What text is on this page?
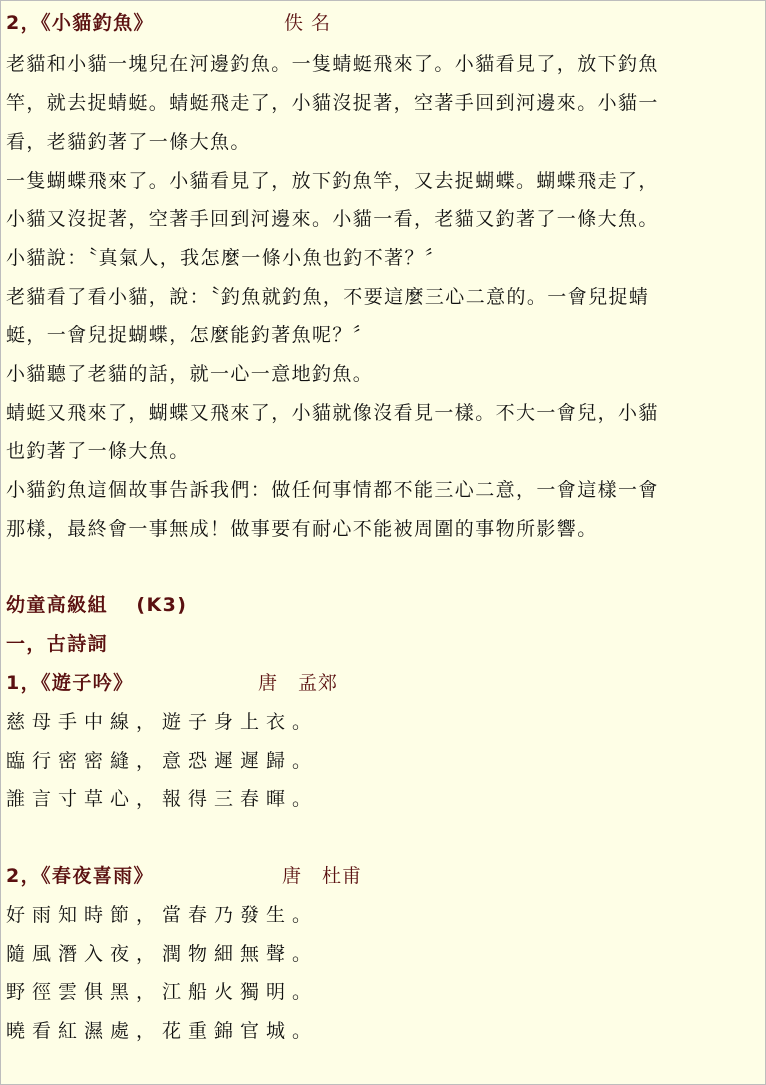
2，《小貓釣魚》	佚 名
老貓和小貓一塊兒在河邊釣魚。一隻蜻蜓飛來了。小貓看見了，放下釣魚
竿，就去捉蜻蜓。蜻蜓飛走了，小貓沒捉著，空著手回到河邊來。小貓一
看，老貓釣著了一條大魚。
一隻蝴蝶飛來了。小貓看見了，放下釣魚竿，又去捉蝴蝶。蝴蝶飛走了，
小貓又沒捉著，空著手回到河邊來。小貓一看，老貓又釣著了一條大魚。
小貓說：〝真氣人，我怎麼一條小魚也釣不著？〞
老貓看了看小貓，說：〝釣魚就釣魚，不要這麼三心二意的。一會兒捉蜻
蜓，一會兒捉蝴蝶，怎麼能釣著魚呢？〞
小貓聽了老貓的話，就一心一意地釣魚。
蜻蜓又飛來了，蝴蝶又飛來了，小貓就像沒看見一樣。不大一會兒，小貓
也釣著了一條大魚。
小貓釣魚這個故事告訴我們：做任何事情都不能三心二意，一會這樣一會
那樣，最終會一事無成！做事要有耐心不能被周圍的事物所影響。
幼童高級組　 (K3)
一，古詩詞
1，《遊子吟》	唐　孟郊
慈母手中線，遊子身上衣。
臨行密密縫，意恐遲遲歸。
誰言寸草心，報得三春暉。
2，《春夜喜雨》	唐　杜甫
好雨知時節，當春乃發生。
隨風潛入夜，潤物細無聲。
野徑雲俱黑，江船火獨明。
曉看紅濕處，花重錦官城。
